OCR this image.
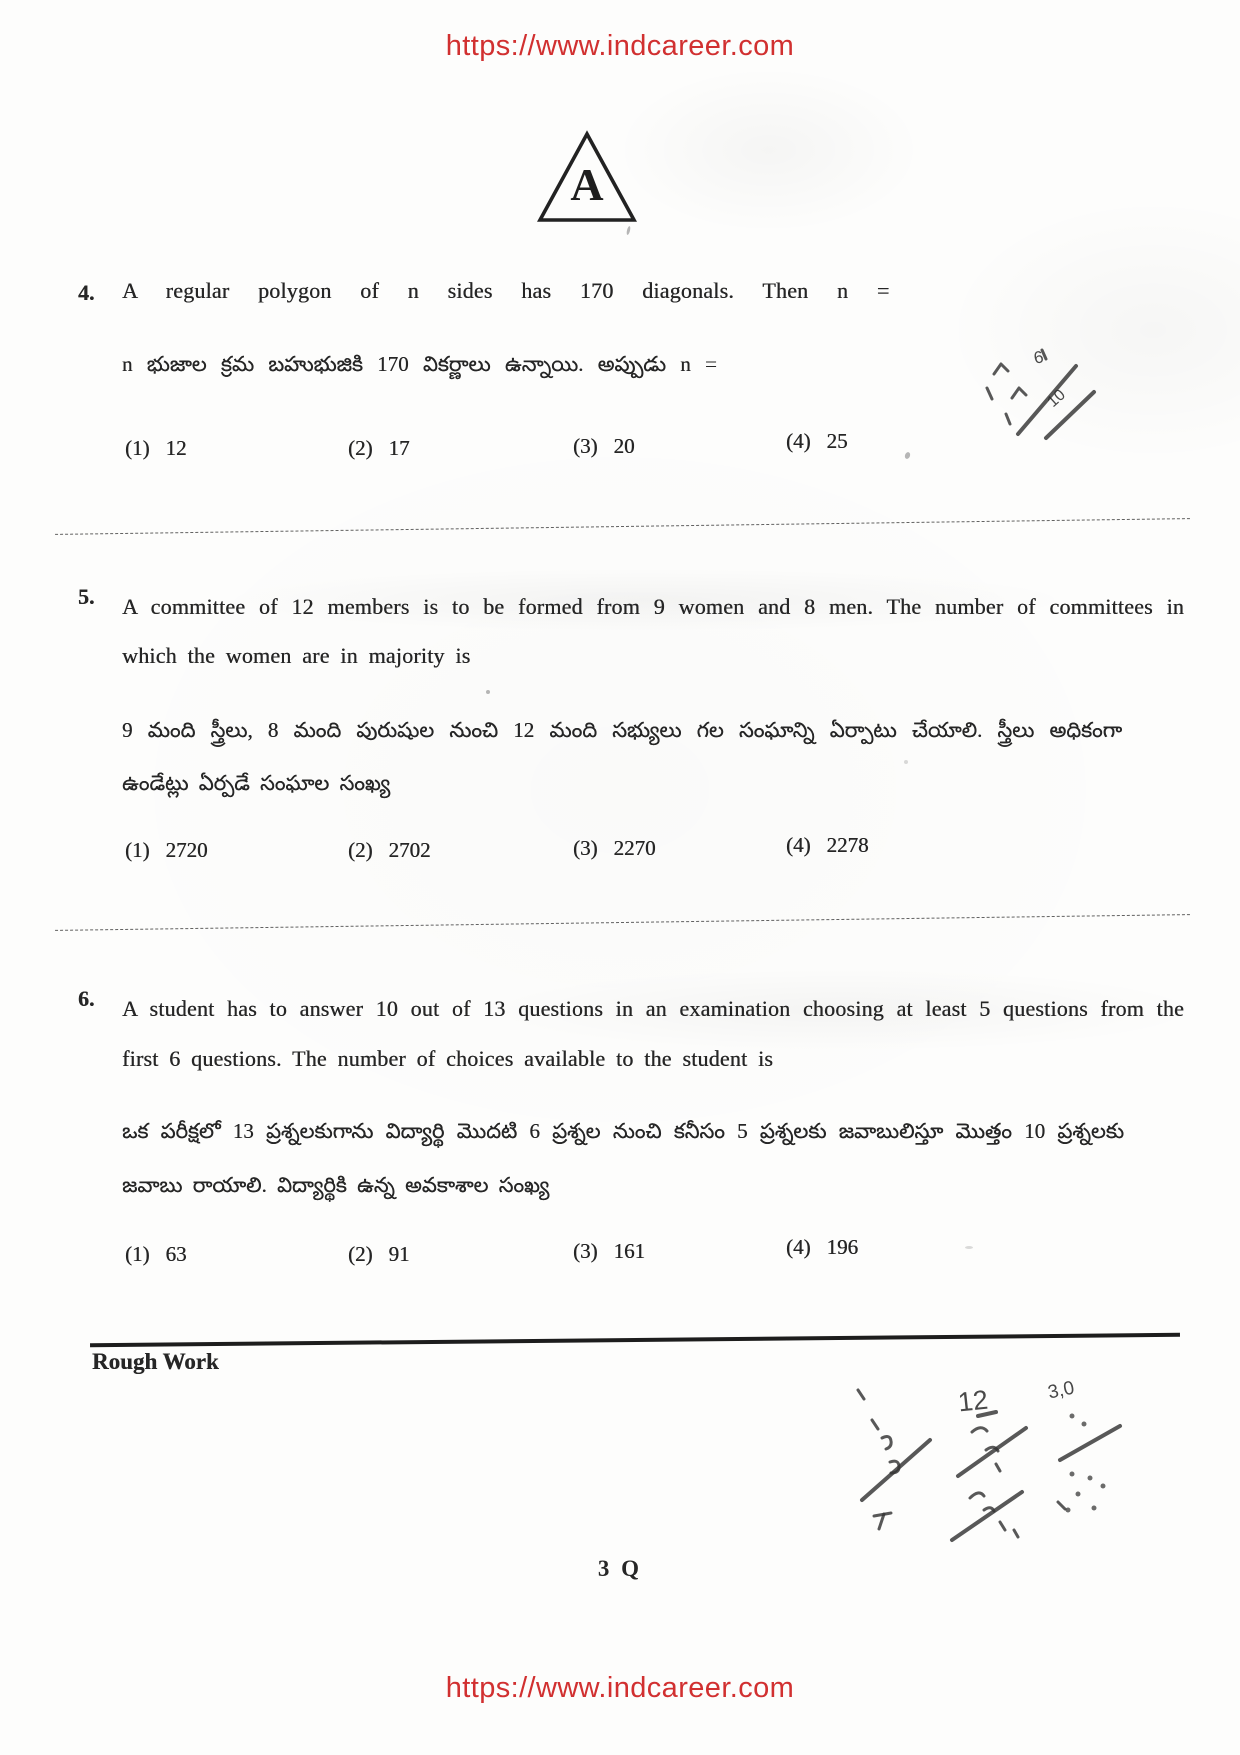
https://www.indcareer.com
A
4. A regular polygon of n sides has 170 diagonals. Then n =
n భుజాల క్రమ బహుభుజికి 170 వికర్ణాలు ఉన్నాయి. అప్పుడు n =	6
10
(1) 12	(2) 17	(3) 20	(4) 25
5. A committee of 12 members is to be formed from 9 women and 8 men. The number of committees in which the women are in majority is
9 మంది స్త్రీలు, 8 మంది పురుషుల నుంచి 12 మంది సభ్యులు గల సంఘాన్ని ఏర్పాటు చేయాలి. స్త్రీలు అధికంగా ఉండేట్లు ఏర్పడే సంఘాల సంఖ్య
(1) 2720	(2) 2702	(3) 2270	(4) 2278
6. A student has to answer 10 out of 13 questions in an examination choosing at least 5 questions from the first 6 questions. The number of choices available to the student is
ఒక పరీక్షలో 13 ప్రశ్నలకుగాను విద్యార్థి మొదటి 6 ప్రశ్నల నుంచి కనీసం 5 ప్రశ్నలకు జవాబులిస్తూ మొత్తం 10 ప్రశ్నలకు జవాబు రాయాలి. విద్యార్థికి ఉన్న అవకాశాల సంఖ్య
(1) 63	(2) 91	(3) 161	(4) 196
Rough Work
12	3,0
3 Q
https://www.indcareer.com
